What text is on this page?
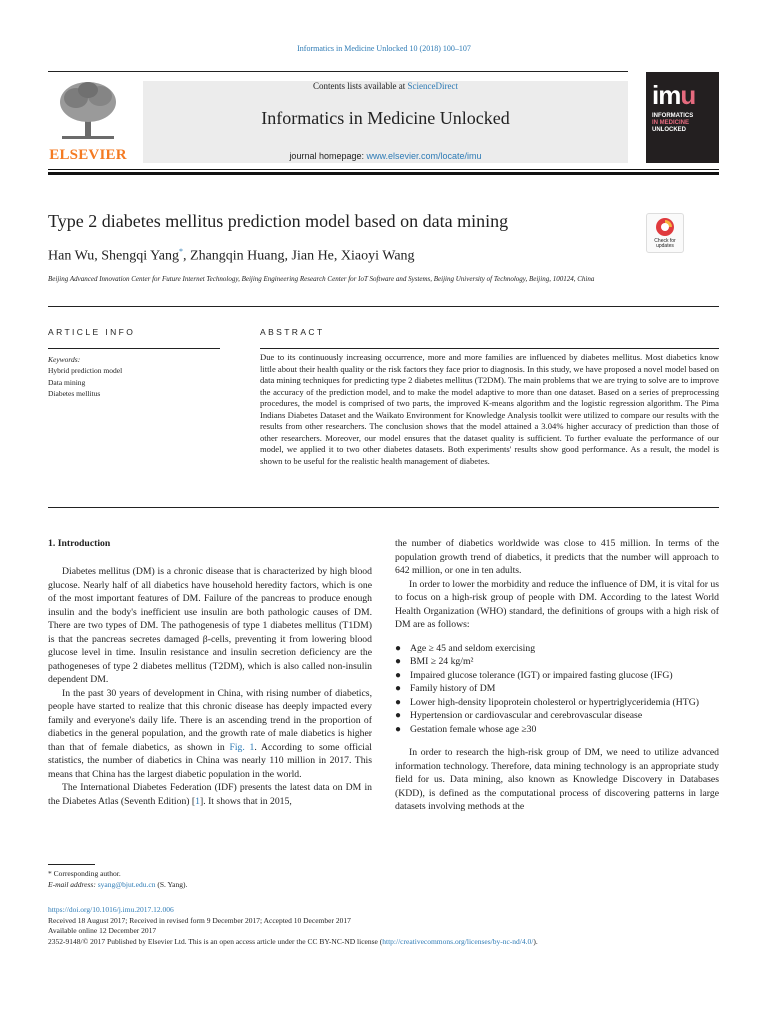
Informatics in Medicine Unlocked 10 (2018) 100–107
ELSEVIER
Contents lists available at ScienceDirect
Informatics in Medicine Unlocked
journal homepage: www.elsevier.com/locate/imu
imu
INFORMATICS
IN MEDICINE
UNLOCKED
Type 2 diabetes mellitus prediction model based on data mining
Check for
updates
Han Wu, Shengqi Yang*, Zhangqin Huang, Jian He, Xiaoyi Wang
Beijing Advanced Innovation Center for Future Internet Technology, Beijing Engineering Research Center for IoT Software and Systems, Beijing University of Technology, Beijing, 100124, China
ARTICLE INFO	ABSTRACT
Keywords:
Hybrid prediction model
Data mining
Diabetes mellitus
Due to its continuously increasing occurrence, more and more families are influenced by diabetes mellitus. Most diabetics know little about their health quality or the risk factors they face prior to diagnosis. In this study, we have proposed a novel model based on data mining techniques for predicting type 2 diabetes mellitus (T2DM). The main problems that we are trying to solve are to improve the accuracy of the prediction model, and to make the model adaptive to more than one dataset. Based on a series of preprocessing procedures, the model is comprised of two parts, the improved K-means algorithm and the logistic regression algorithm. The Pima Indians Diabetes Dataset and the Waikato Environment for Knowledge Analysis toolkit were utilized to compare our results with the results from other researchers. The conclusion shows that the model attained a 3.04% higher accuracy of prediction than those of other researchers. Moreover, our model ensures that the dataset quality is sufficient. To further evaluate the performance of our model, we applied it to two other diabetes datasets. Both experiments' results show good performance. As a result, the model is shown to be useful for the realistic health management of diabetes.
1. Introduction

Diabetes mellitus (DM) is a chronic disease that is characterized by high blood glucose. Nearly half of all diabetics have household heredity factors, which is one of the most important features of DM. Failure of the pancreas to produce enough insulin and the body's inefficient use insulin are both pathologic causes of DM. There are two types of DM. The pathogenesis of type 1 diabetes mellitus (T1DM) is that the pancreas secretes damaged β-cells, preventing it from lowering blood glucose level in time. Insulin resistance and insulin secretion deficiency are the pathogeneses of type 2 diabetes mellitus (T2DM), which is also called non-insulin dependent DM.

In the past 30 years of development in China, with rising number of diabetics, people have started to realize that this chronic disease has deeply impacted every family and everyone's daily life. There is an ascending trend in the proportion of diabetics in the general population, and the growth rate of male diabetics is higher than that of female diabetics, as shown in Fig. 1. According to some official statistics, the number of diabetics in China was nearly 110 million in 2017. This means that China has the largest diabetic population in the world.

The International Diabetes Federation (IDF) presents the latest data on DM in the Diabetes Atlas (Seventh Edition) [1]. It shows that in 2015,

the number of diabetics worldwide was close to 415 million. In terms of the population growth trend of diabetics, it predicts that the number will approach to 642 million, or one in ten adults.

In order to lower the morbidity and reduce the influence of DM, it is vital for us to focus on a high-risk group of people with DM. According to the latest World Health Organization (WHO) standard, the definitions of groups with a high risk of DM are as follows:

● Age ≥ 45 and seldom exercising
● BMI ≥ 24 kg/m²
● Impaired glucose tolerance (IGT) or impaired fasting glucose (IFG)
● Family history of DM
● Lower high-density lipoprotein cholesterol or hypertriglyceridemia (HTG)
● Hypertension or cardiovascular and cerebrovascular disease
● Gestation female whose age ≥30

In order to research the high-risk group of DM, we need to utilize advanced information technology. Therefore, data mining technology is an appropriate study field for us. Data mining, also known as Knowledge Discovery in Databases (KDD), is defined as the computational process of discovering patterns in large datasets involving methods at the

* Corresponding author.
E-mail address: syang@bjut.edu.cn (S. Yang).
https://doi.org/10.1016/j.imu.2017.12.006
Received 18 August 2017; Received in revised form 9 December 2017; Accepted 10 December 2017
Available online 12 December 2017
2352-9148/© 2017 Published by Elsevier Ltd. This is an open access article under the CC BY-NC-ND license (http://creativecommons.org/licenses/by-nc-nd/4.0/).
